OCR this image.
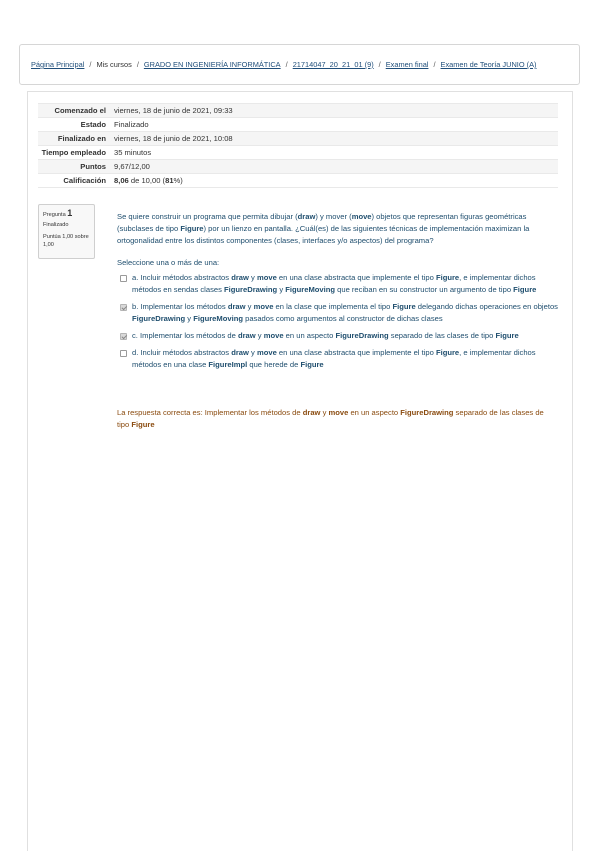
Página Principal / Mis cursos / GRADO EN INGENIERÍA INFORMÁTICA / 21714047_20_21_01 (9) / Examen final / Examen de Teoría JUNIO (A)
Comenzado el	viernes, 18 de junio de 2021, 09:33
Estado	Finalizado
Finalizado en	viernes, 18 de junio de 2021, 10:08
Tiempo empleado	35 minutos
Puntos	9,67/12,00
Calificación	8,06 de 10,00 (81%)
Pregunta 1
Finalizado
Puntúa 1,00 sobre 1,00
Se quiere construir un programa que permita dibujar (draw) y mover (move) objetos que representan figuras geométricas (subclases de tipo Figure) por un lienzo en pantalla. ¿Cuál(es) de las siguientes técnicas de implementación maximizan la ortogonalidad entre los distintos componentes (clases, interfaces y/o aspectos) del programa?
Seleccione una o más de una:
a. Incluir métodos abstractos draw y move en una clase abstracta que implemente el tipo Figure, e implementar dichos métodos en sendas clases FigureDrawing y FigureMoving que reciban en su constructor un argumento de tipo Figure
b. Implementar los métodos draw y move en la clase que implementa el tipo Figure delegando dichas operaciones en objetos FigureDrawing y FigureMoving pasados como argumentos al constructor de dichas clases
c. Implementar los métodos de draw y move en un aspecto FigureDrawing separado de las clases de tipo Figure
d. Incluir métodos abstractos draw y move en una clase abstracta que implemente el tipo Figure, e implementar dichos métodos en una clase FigureImpl que herede de Figure
La respuesta correcta es: Implementar los métodos de draw y move en un aspecto FigureDrawing separado de las clases de tipo Figure
